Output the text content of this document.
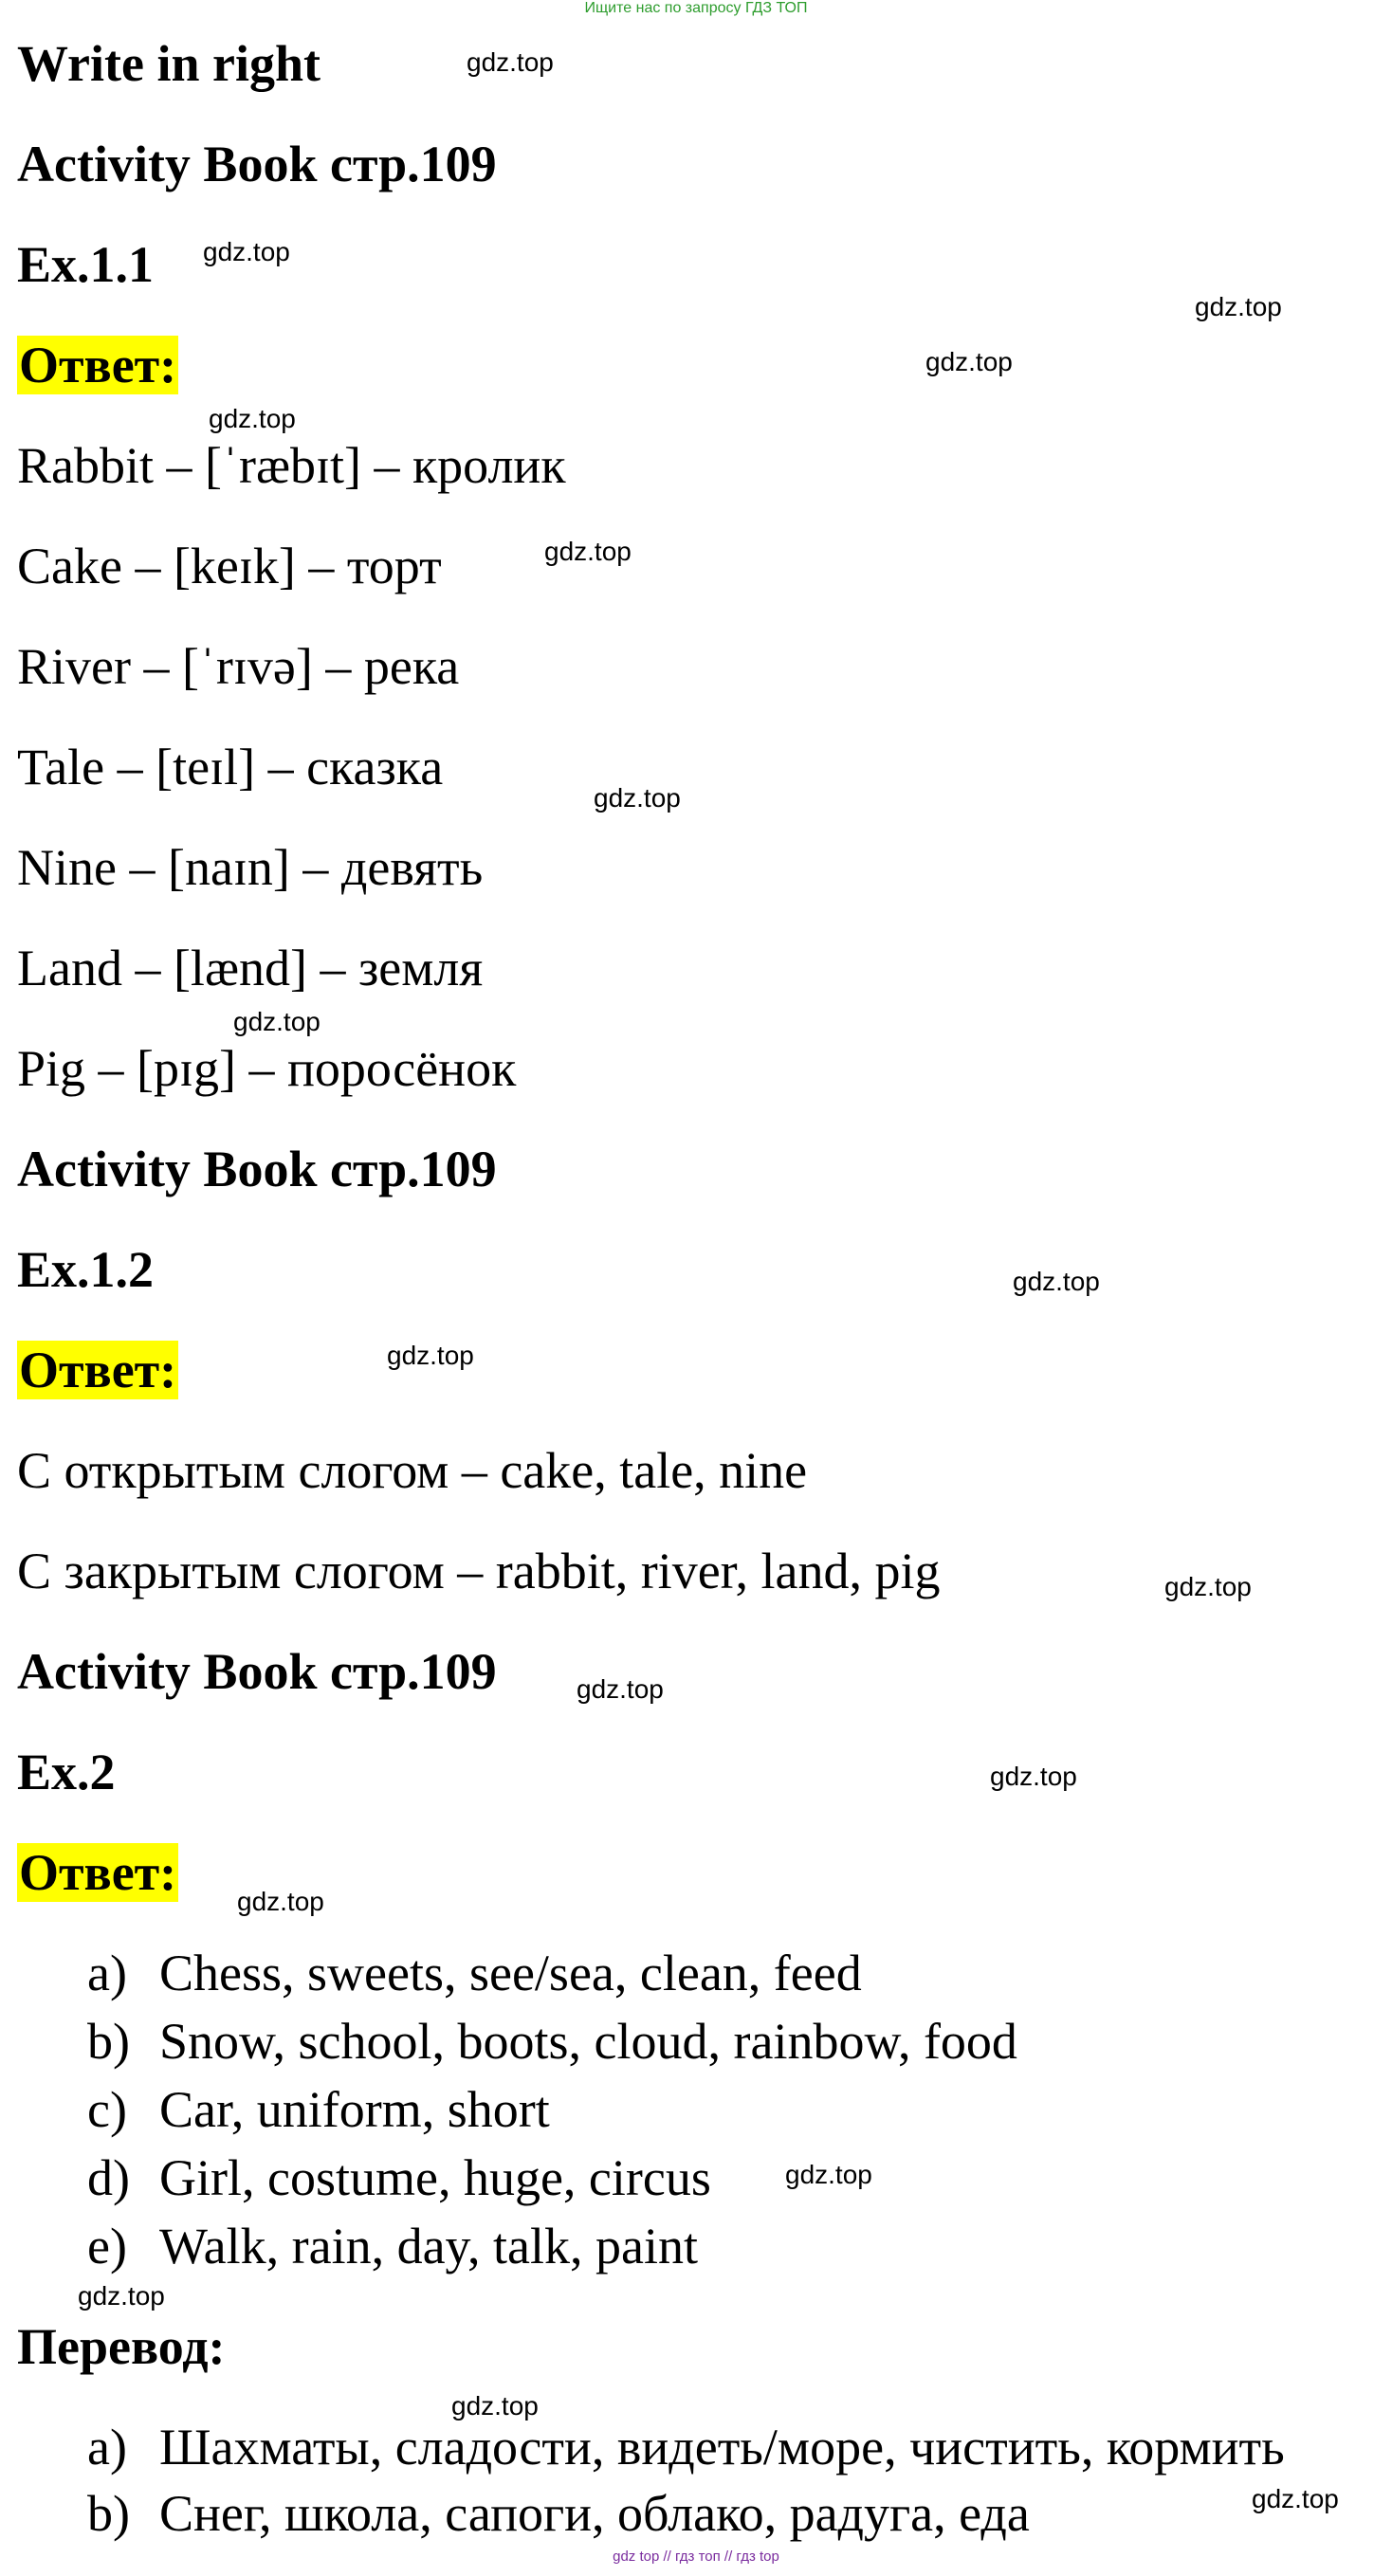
Ищите нас по запросу ГДЗ ТОП
Write in right
Activity Book стр.109
Ex.1.1
Ответ:
Rabbit – [ˈræbɪt] – кролик
Cake – [keɪk] – торт
River – [ˈrɪvə] – река
Tale – [teɪl] – сказка
Nine – [naɪn] – девять
Land – [lænd] – земля
Pig – [pɪg] – поросёнок
Activity Book стр.109
Ex.1.2
Ответ:
С открытым слогом – cake, tale, nine
С закрытым слогом – rabbit, river, land, pig
Activity Book стр.109
Ex.2
Ответ:
a) Chess, sweets, see/sea, clean, feed
b) Snow, school, boots, cloud, rainbow, food
c) Car, uniform, short
d) Girl, costume, huge, circus
e) Walk, rain, day, talk, paint
Перевод:
a) Шахматы, сладости, видеть/море, чистить, кормить
b) Снег, школа, сапоги, облако, радуга, еда
gdz.top
gdz.top
gdz.top
gdz.top
gdz.top
gdz.top
gdz.top
gdz.top
gdz.top
gdz.top
gdz.top
gdz.top
gdz.top
gdz.top
gdz.top
gdz.top
gdz.top
gdz.top
gdz top // гдз топ // гдз top
